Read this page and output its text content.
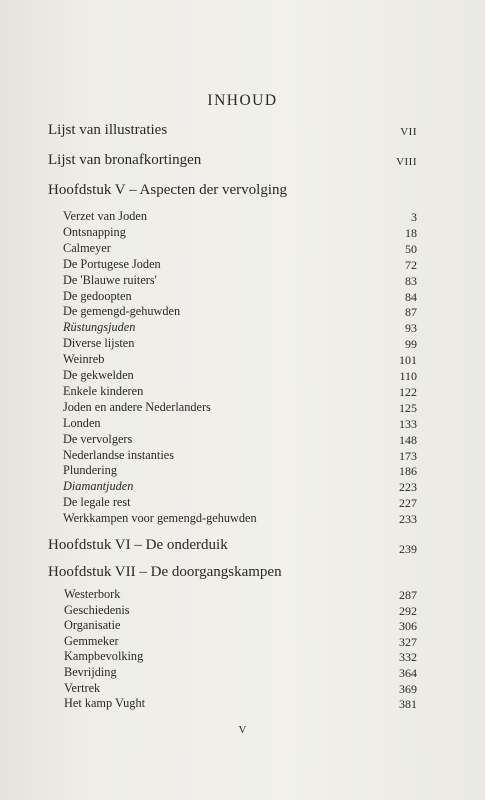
INHOUD
Lijst van illustraties	VII
Lijst van bronafkortingen	VIII
Hoofdstuk V – Aspecten der vervolging
Verzet van Joden	3
Ontsnapping	18
Calmeyer	50
De Portugese Joden	72
De 'Blauwe ruiters'	83
De gedoopten	84
De gemengd-gehuwden	87
Rüstungsjuden	93
Diverse lijsten	99
Weinreb	101
De gekwelden	110
Enkele kinderen	122
Joden en andere Nederlanders	125
Londen	133
De vervolgers	148
Nederlandse instanties	173
Plundering	186
Diamantjuden	223
De legale rest	227
Werkkampen voor gemengd-gehuwden	233
Hoofdstuk VI – De onderduik	239
Hoofdstuk VII – De doorgangskampen
Westerbork	287
Geschiedenis	292
Organisatie	306
Gemmeker	327
Kampbevolking	332
Bevrijding	364
Vertrek	369
Het kamp Vught	381
V
